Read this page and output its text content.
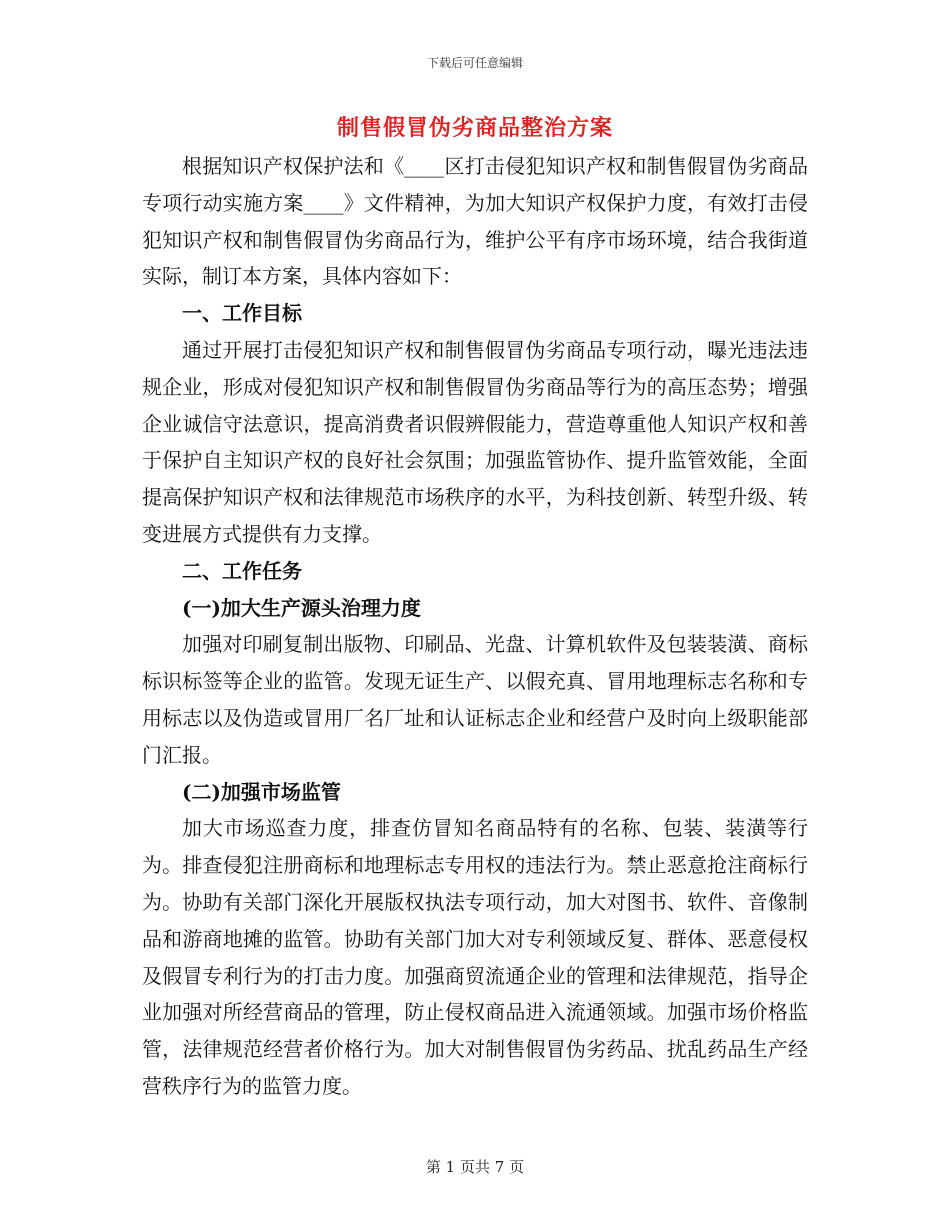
下载后可任意编辑
制售假冒伪劣商品整治方案

根据知识产权保护法和《____区打击侵犯知识产权和制售假冒伪劣商品专项行动实施方案____》文件精神，为加大知识产权保护力度，有效打击侵犯知识产权和制售假冒伪劣商品行为，维护公平有序市场环境，结合我街道实际，制订本方案，具体内容如下：

一、工作目标

通过开展打击侵犯知识产权和制售假冒伪劣商品专项行动，曝光违法违规企业，形成对侵犯知识产权和制售假冒伪劣商品等行为的高压态势；增强企业诚信守法意识，提高消费者识假辨假能力，营造尊重他人知识产权和善于保护自主知识产权的良好社会氛围；加强监管协作、提升监管效能，全面提高保护知识产权和法律规范市场秩序的水平，为科技创新、转型升级、转变进展方式提供有力支撑。

二、工作任务

(一)加大生产源头治理力度

加强对印刷复制出版物、印刷品、光盘、计算机软件及包装装潢、商标标识标签等企业的监管。发现无证生产、以假充真、冒用地理标志名称和专用标志以及伪造或冒用厂名厂址和认证标志企业和经营户及时向上级职能部门汇报。

(二)加强市场监管

加大市场巡查力度，排查仿冒知名商品特有的名称、包装、装潢等行为。排查侵犯注册商标和地理标志专用权的违法行为。禁止恶意抢注商标行为。协助有关部门深化开展版权执法专项行动，加大对图书、软件、音像制品和游商地摊的监管。协助有关部门加大对专利领域反复、群体、恶意侵权及假冒专利行为的打击力度。加强商贸流通企业的管理和法律规范，指导企业加强对所经营商品的管理，防止侵权商品进入流通领域。加强市场价格监管，法律规范经营者价格行为。加大对制售假冒伪劣药品、扰乱药品生产经营秩序行为的监管力度。

第 1 页共 7 页
